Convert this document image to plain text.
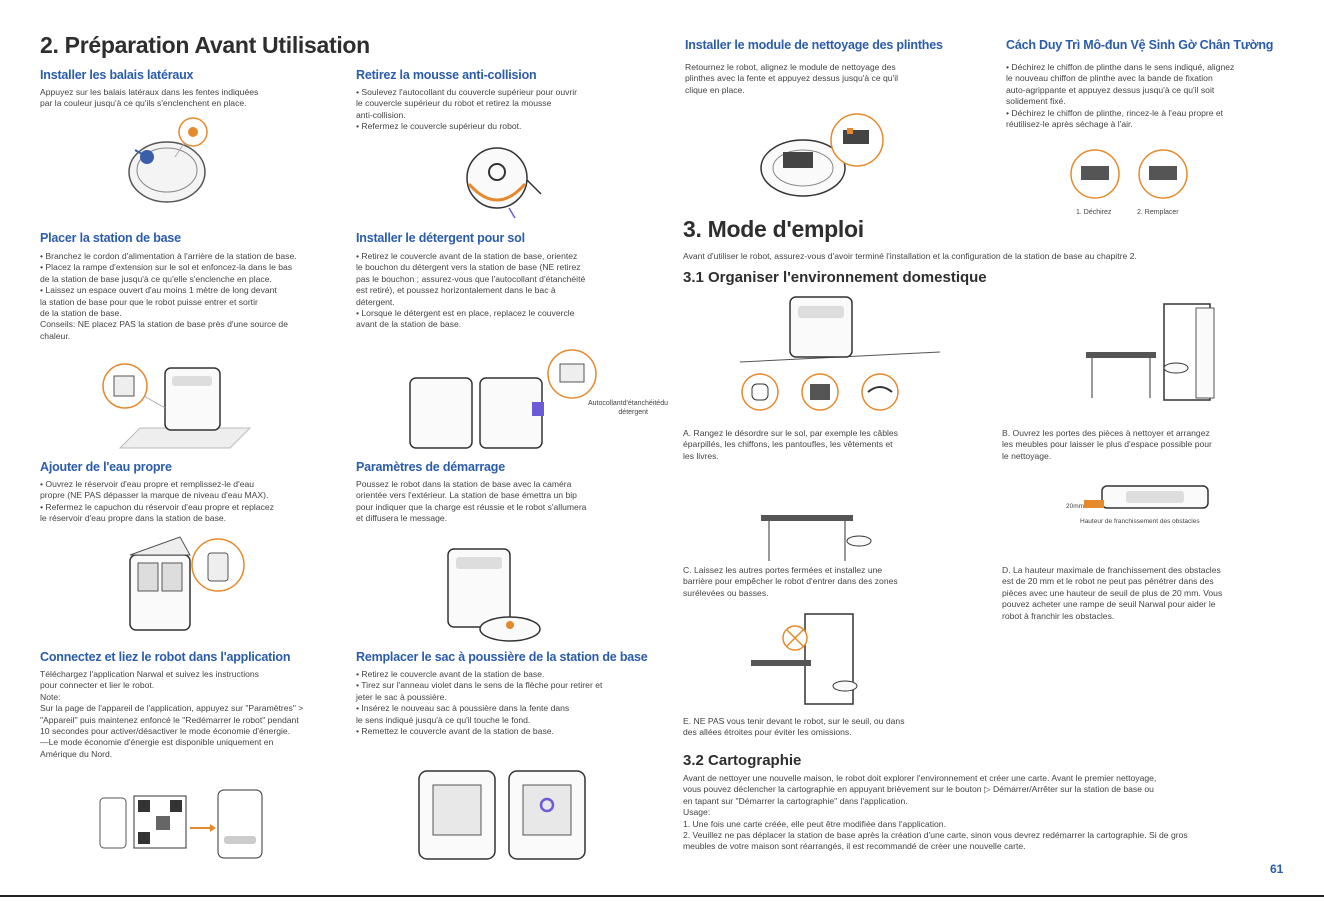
2. Préparation Avant Utilisation
Installer les balais latéraux
Appuyez sur les balais latéraux dans les fentes indiquées
par la couleur jusqu'à ce qu'ils s'enclenchent en place.
Placer la station de base
• Branchez le cordon d'alimentation à l'arrière de la station de base.
• Placez la rampe d'extension sur le sol et enfoncez-la dans le bas
de la station de base jusqu'à ce qu'elle s'enclenche en place.
• Laissez un espace ouvert d'au moins 1 mètre de long devant
la station de base pour que le robot puisse entrer et sortir
de la station de base.
Conseils: NE placez PAS la station de base près d'une source de
chaleur.
Ajouter de l'eau propre
• Ouvrez le réservoir d'eau propre et remplissez-le d'eau
propre (NE PAS dépasser la marque de niveau d'eau MAX).
• Refermez le capuchon du réservoir d'eau propre et replacez
le réservoir d'eau propre dans la station de base.
Connectez et liez le robot dans l'application
Téléchargez l'application Narwal et suivez les instructions
pour connecter et lier le robot.
Note:
Sur la page de l'appareil de l'application, appuyez sur "Paramètres" >
"Appareil" puis maintenez enfoncé le "Redémarrer le robot" pendant
10 secondes pour activer/désactiver le mode économie d'énergie.
—Le mode économie d'énergie est disponible uniquement en
Amérique du Nord.
Retirez la mousse anti-collision
• Soulevez l'autocollant du couvercle supérieur pour ouvrir
le couvercle supérieur du robot et retirez la mousse
anti-collision.
• Refermez le couvercle supérieur du robot.
Installer le détergent pour sol
• Retirez le couvercle avant de la station de base, orientez
le bouchon du détergent vers la station de base (NE retirez
pas le bouchon ; assurez-vous que l'autocollant d'étanchéité
est retiré), et poussez horizontalement dans le bac à
détergent.
• Lorsque le détergent est en place, replacez le couvercle
avant de la station de base.
Autocollantd'étanchéitédu détergent
Paramètres de démarrage
Poussez le robot dans la station de base avec la caméra
orientée vers l'extérieur. La station de base émettra un bip
pour indiquer que la charge est réussie et le robot s'allumera
et diffusera le message.
Remplacer le sac à poussière de la station de base
• Retirez le couvercle avant de la station de base.
• Tirez sur l'anneau violet dans le sens de la flèche pour retirer et
jeter le sac à poussière.
• Insérez le nouveau sac à poussière dans la fente dans
le sens indiqué jusqu'à ce qu'il touche le fond.
• Remettez le couvercle avant de la station de base.
Installer le module de nettoyage des plinthes
Retournez le robot, alignez le module de nettoyage des
plinthes avec la fente et appuyez dessus jusqu'à ce qu'il
clique en place.
Cách Duy Trì Mô-đun Vệ Sinh Gờ Chân Tường
• Déchirez le chiffon de plinthe dans le sens indiqué, alignez
le nouveau chiffon de plinthe avec la bande de fixation
auto-agrippante et appuyez dessus jusqu'à ce qu'il soit
solidement fixé.
• Déchirez le chiffon de plinthe, rincez-le à l'eau propre et
réutilisez-le après séchage à l'air.
1. Déchirez	2. Remplacer
3. Mode d'emploi
Avant d'utiliser le robot, assurez-vous d'avoir terminé l'installation et la configuration de la station de base au chapitre 2.
3.1 Organiser l'environnement domestique
A. Rangez le désordre sur le sol, par exemple les câbles
éparpillés, les chiffons, les pantoufles, les vêtements et
les livres.
B. Ouvrez les portes des pièces à nettoyer et arrangez
les meubles pour laisser le plus d'espace possible pour
le nettoyage.
20mm
Hauteur de franchissement des obstacles
C. Laissez les autres portes fermées et installez une
barrière pour empêcher le robot d'entrer dans des zones
surélevées ou basses.
D. La hauteur maximale de franchissement des obstacles
est de 20 mm et le robot ne peut pas pénétrer dans des
pièces avec une hauteur de seuil de plus de 20 mm. Vous
pouvez acheter une rampe de seuil Narwal pour aider le
robot à franchir les obstacles.
E. NE PAS vous tenir devant le robot, sur le seuil, ou dans
des allées étroites pour éviter les omissions.
3.2 Cartographie
Avant de nettoyer une nouvelle maison, le robot doit explorer l'environnement et créer une carte. Avant le premier nettoyage,
vous pouvez déclencher la cartographie en appuyant brièvement sur le bouton ▷ Démarrer/Arrêter sur la station de base ou
en tapant sur "Démarrer la cartographie" dans l'application.
Usage:
1. Une fois une carte créée, elle peut être modifiée dans l'application.
2. Veuillez ne pas déplacer la station de base après la création d'une carte, sinon vous devrez redémarrer la cartographie. Si de gros
meubles de votre maison sont réarrangés, il est recommandé de créer une nouvelle carte.
61
